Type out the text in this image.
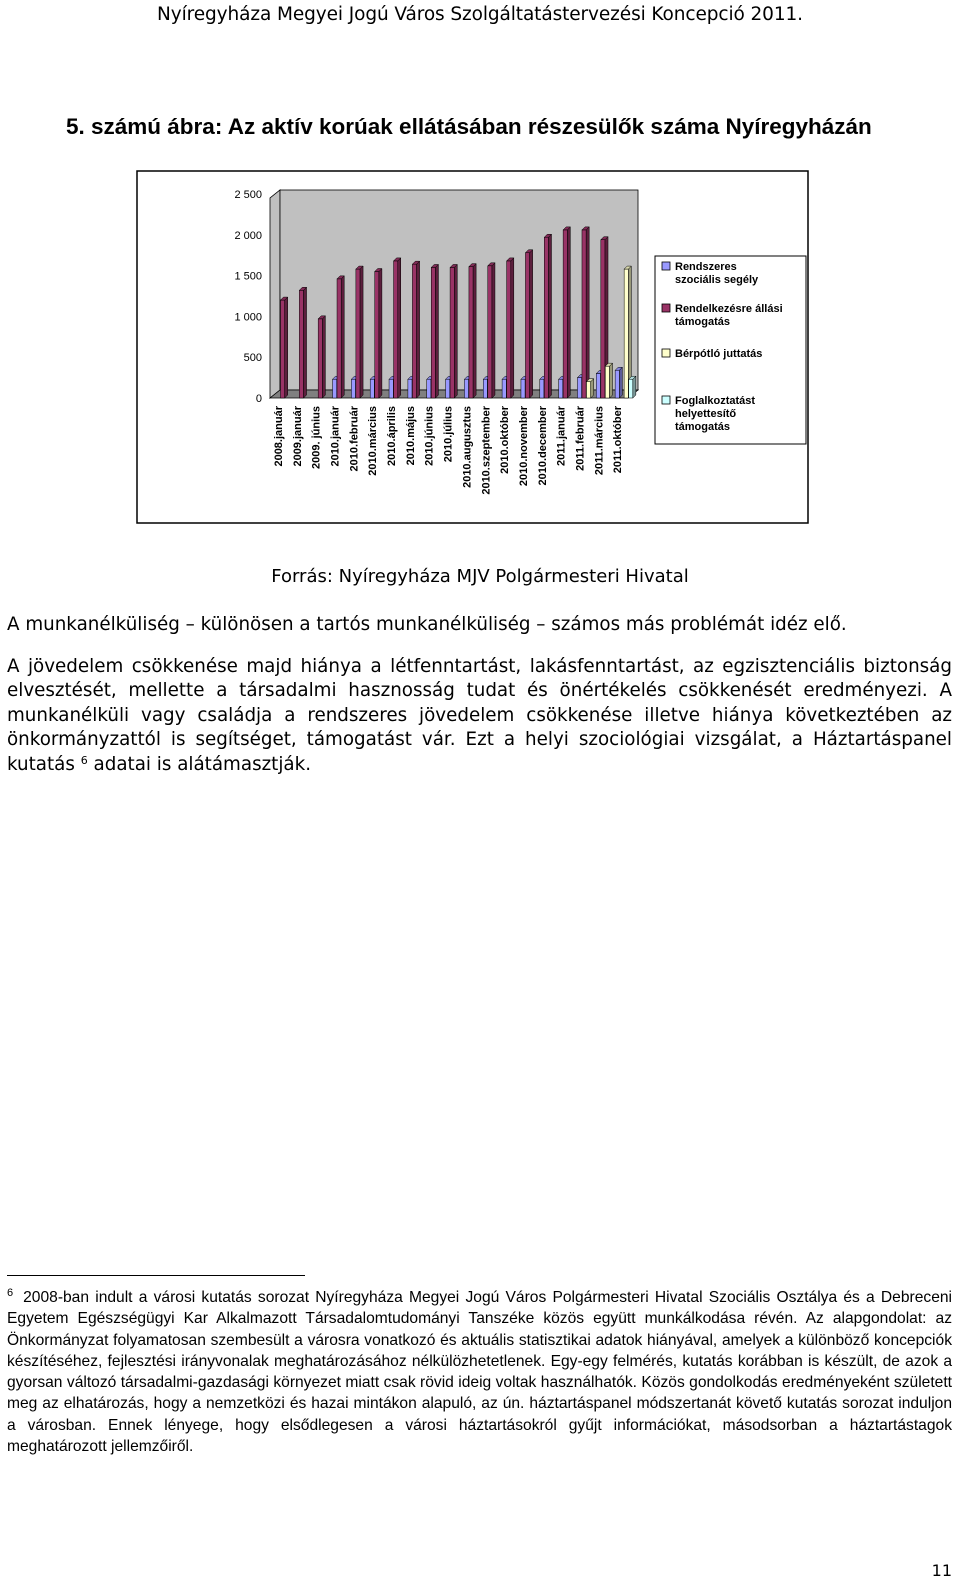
Nyíregyháza Megyei Jogú Város Szolgáltatástervezési Koncepció 2011.
5. számú ábra: Az aktív korúak ellátásában részesülők száma Nyíregyházán
0
500
1 000
1 500
2 000
2 500
2008.január 2009.január 2009. június 2010.január 2010.február 2010.március 2010.április 2010.május 2010.június 2010.július 2010.augusztus 2010.szeptember 2010.október 2010.november 2010.december 2011.január 2011.február 2011.március 2011.október
Rendszeres
szociális segély
Rendelkezésre állási
támogatás
Bérpótló juttatás
Foglalkoztatást
helyettesítő
támogatás
Forrás: Nyíregyháza MJV Polgármesteri Hivatal
A munkanélküliség – különösen a tartós munkanélküliség – számos más problémát idéz elő.
A jövedelem csökkenése majd hiánya a létfenntartást, lakásfenntartást, az egzisztenciális biztonság elvesztését, mellette a társadalmi hasznosság tudat és önértékelés csökkenését eredményezi. A munkanélküli vagy családja a rendszeres jövedelem csökkenése illetve hiánya következtében az önkormányzattól is segítséget, támogatást vár. Ezt a helyi szociológiai vizsgálat, a Háztartáspanel kutatás $^6$ adatai is alátámasztják.
$^6$ 2008-ban indult a városi kutatás sorozat Nyíregyháza Megyei Jogú Város Polgármesteri Hivatal Szociális Osztálya és a Debreceni Egyetem Egészségügyi Kar Alkalmazott Társadalomtudományi Tanszéke közös együtt munkálkodása révén. Az alapgondolat: az Önkormányzat folyamatosan szembesült a városra vonatkozó és aktuális statisztikai adatok hiányával, amelyek a különböző koncepciók készítéséhez, fejlesztési irányvonalak meghatározásához nélkülözhetetlenek. Egy-egy felmérés, kutatás korábban is készült, de azok a gyorsan változó társadalmi-gazdasági környezet miatt csak rövid ideig voltak használhatók. Közös gondolkodás eredményeként született meg az elhatározás, hogy a nemzetközi és hazai mintákon alapuló, az ún. háztartáspanel módszertanát követő kutatás sorozat induljon a városban. Ennek lényege, hogy elsődlegesen a városi háztartásokról gyűjt információkat, másodsorban a háztartástagok meghatározott jellemzőiről.
11
